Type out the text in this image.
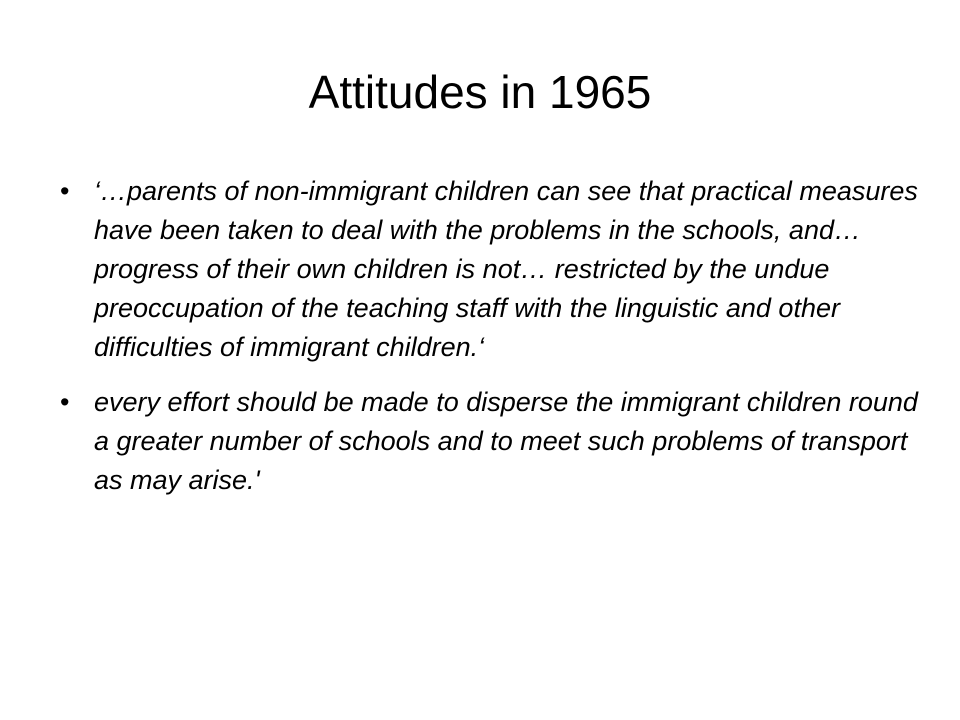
Attitudes in 1965
• ‘…parents of non-immigrant children can see that practical measures have been taken to deal with the problems in the schools, and…progress of their own children is not… restricted by the undue preoccupation of the teaching staff with the linguistic and other difficulties of immigrant children.‘
• every effort should be made to disperse the immigrant children round a greater number of schools and to meet such problems of transport as may arise.'
